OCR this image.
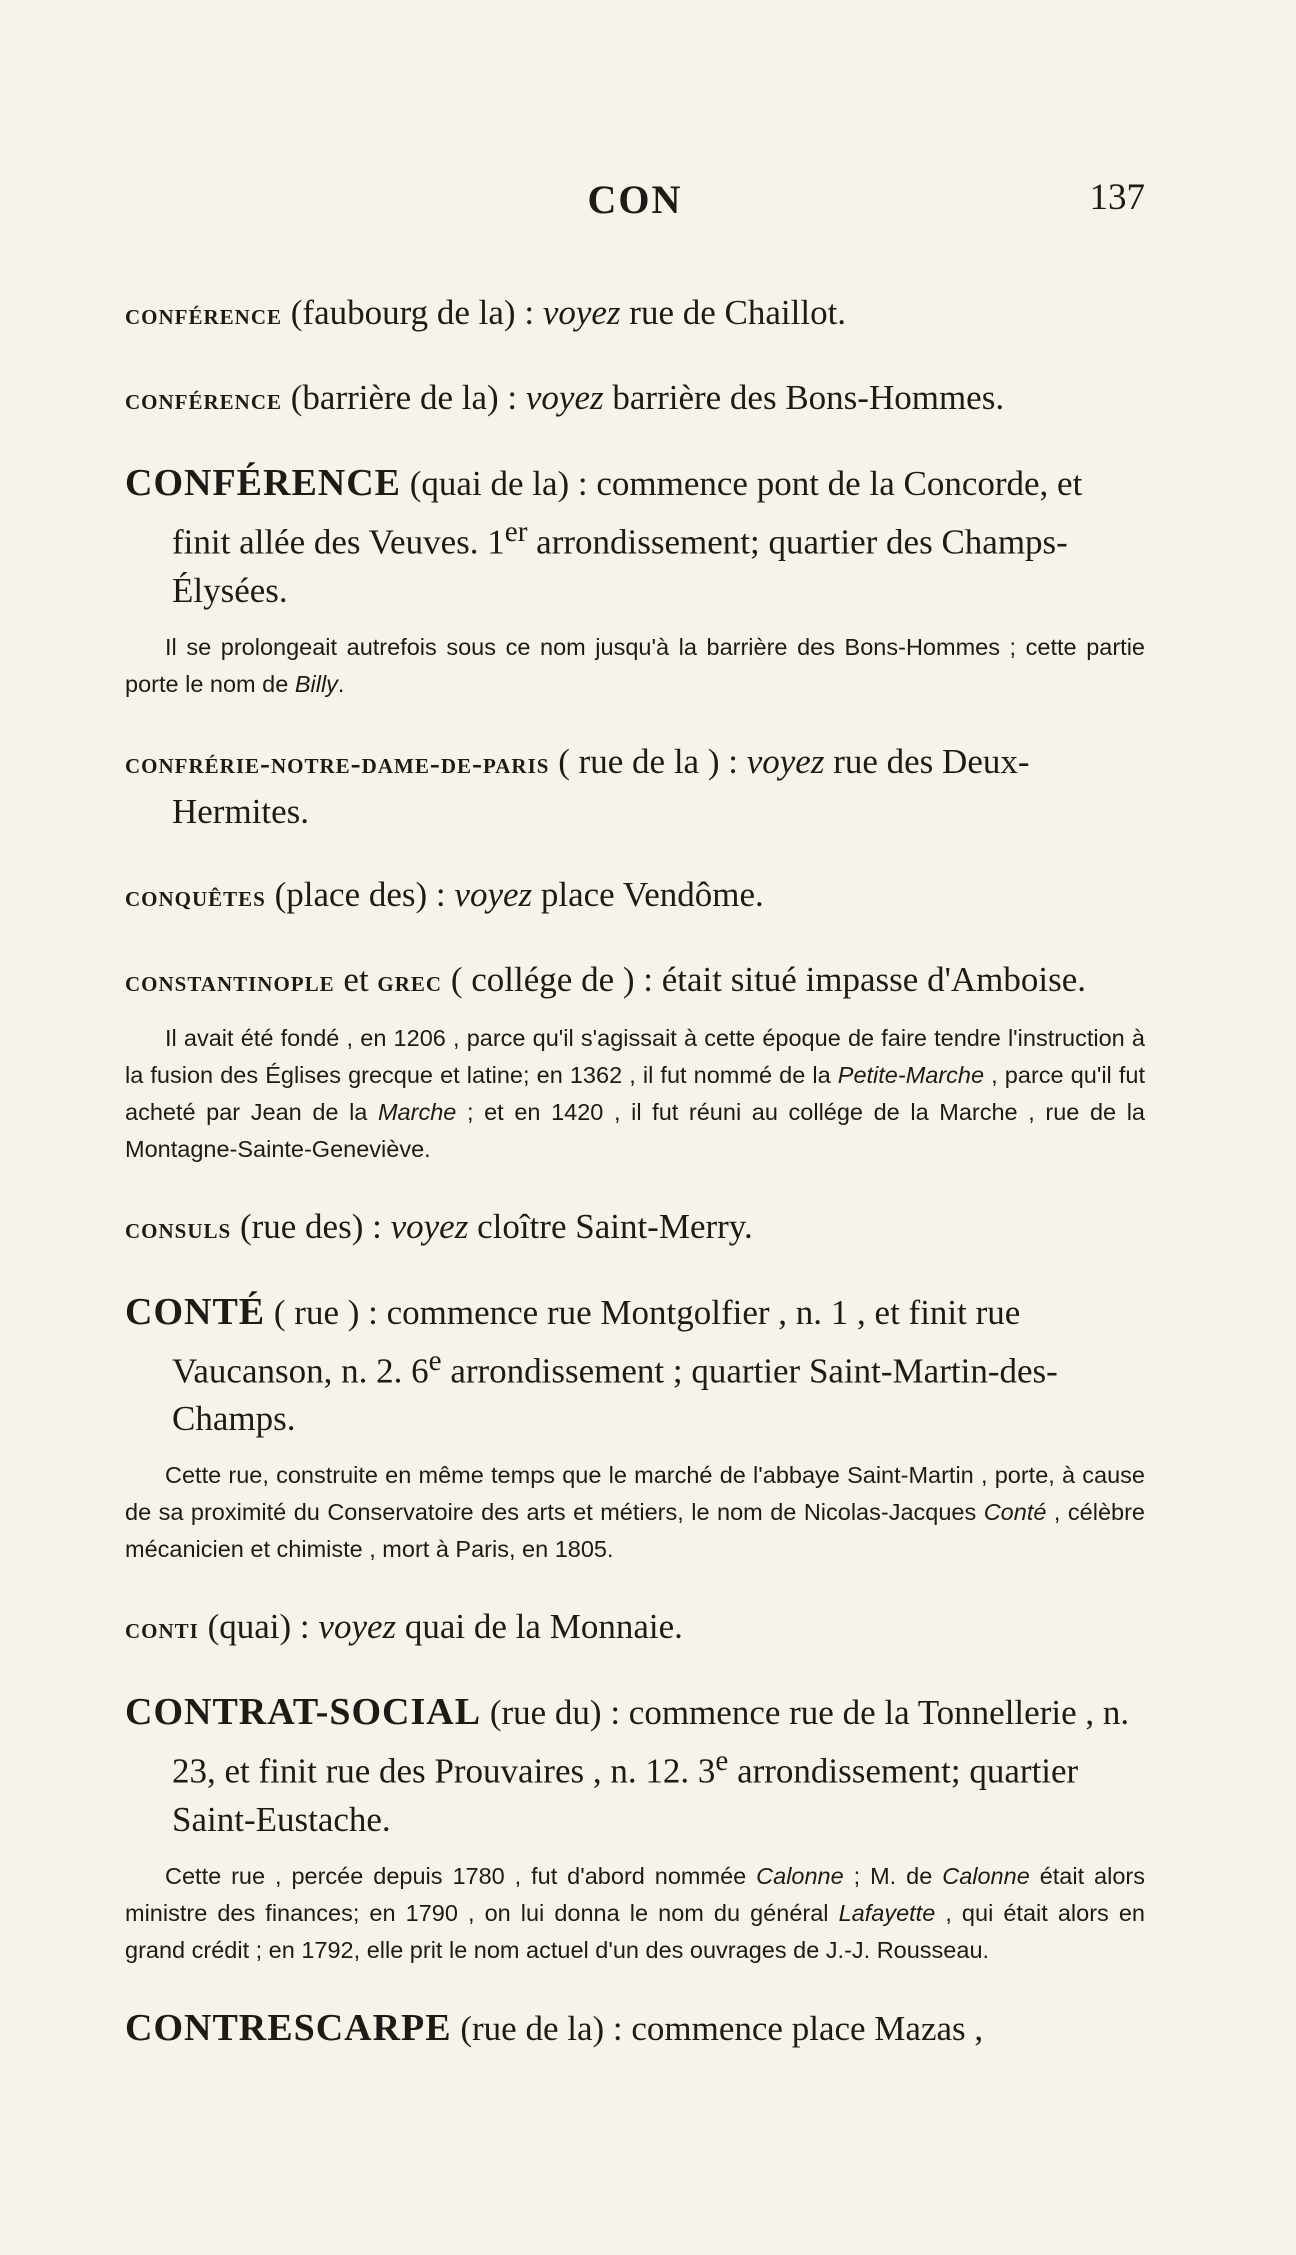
CON	137

conférence (faubourg de la) : voyez rue de Chaillot.

conférence (barrière de la) : voyez barrière des Bons-Hommes.

CONFÉRENCE (quai de la) : commence pont de la Concorde, et finit allée des Veuves. 1er arrondissement; quartier des Champs-Élysées.

Il se prolongeait autrefois sous ce nom jusqu'à la barrière des Bons-Hommes ; cette partie porte le nom de Billy.

confrérie-notre-dame-de-paris ( rue de la ) : voyez rue des Deux-Hermites.

conquêtes (place des) : voyez place Vendôme.

constantinople et grec ( collége de ) : était situé impasse d'Amboise.

Il avait été fondé , en 1206 , parce qu'il s'agissait à cette époque de faire tendre l'instruction à la fusion des Églises grecque et latine; en 1362 , il fut nommé de la Petite-Marche , parce qu'il fut acheté par Jean de la Marche ; et en 1420 , il fut réuni au collége de la Marche , rue de la Montagne-Sainte-Geneviève.

consuls (rue des) : voyez cloître Saint-Merry.

CONTÉ ( rue ) : commence rue Montgolfier , n. 1 , et finit rue Vaucanson, n. 2. 6e arrondissement ; quartier Saint-Martin-des-Champs.

Cette rue, construite en même temps que le marché de l'abbaye Saint-Martin , porte, à cause de sa proximité du Conservatoire des arts et métiers, le nom de Nicolas-Jacques Conté , célèbre mécanicien et chimiste , mort à Paris, en 1805.

conti (quai) : voyez quai de la Monnaie.

CONTRAT-SOCIAL (rue du) : commence rue de la Tonnellerie , n. 23, et finit rue des Prouvaires , n. 12. 3e arrondissement; quartier Saint-Eustache.

Cette rue , percée depuis 1780 , fut d'abord nommée Calonne ; M. de Calonne était alors ministre des finances; en 1790 , on lui donna le nom du général Lafayette , qui était alors en grand crédit ; en 1792, elle prit le nom actuel d'un des ouvrages de J.-J. Rousseau.

CONTRESCARPE (rue de la) : commence place Mazas ,
